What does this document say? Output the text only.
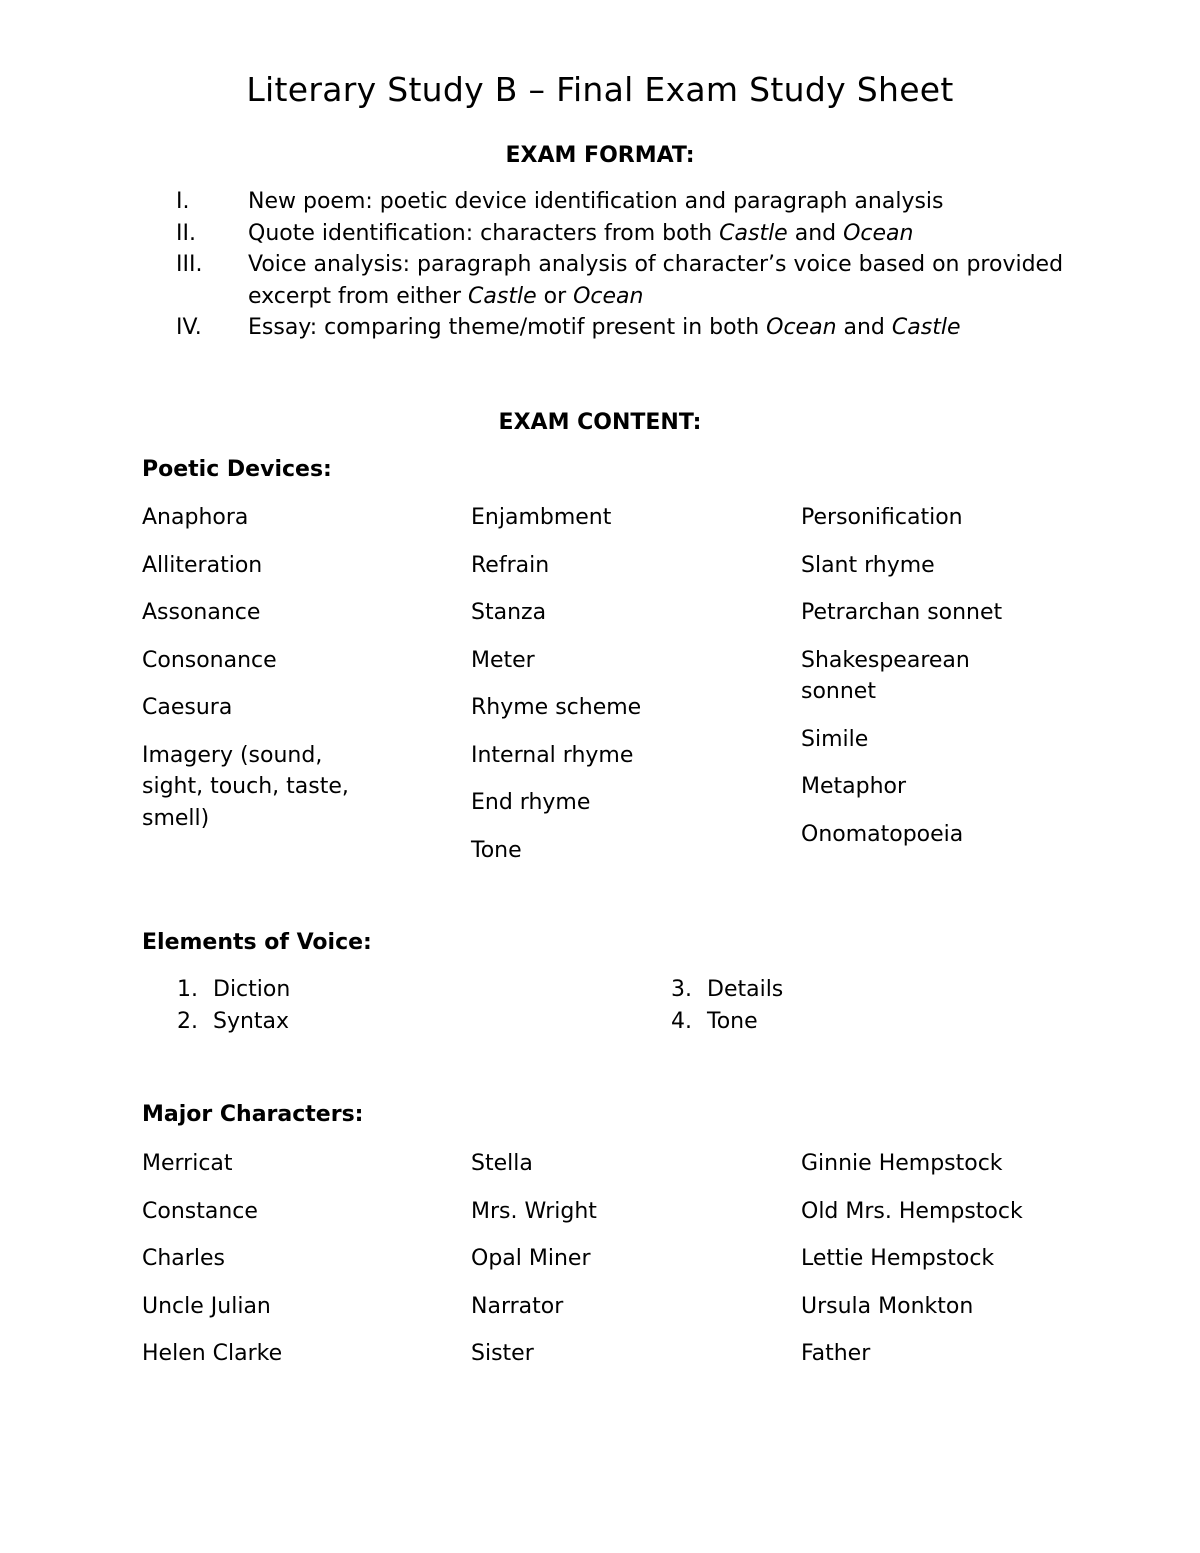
Literary Study B – Final Exam Study Sheet
EXAM FORMAT:
I.	New poem: poetic device identification and paragraph analysis
II. Quote identification: characters from both Castle and Ocean
III. Voice analysis: paragraph analysis of character’s voice based on provided excerpt from either Castle or Ocean
IV. Essay: comparing theme/motif present in both Ocean and Castle
EXAM CONTENT:
Poetic Devices:
Anaphora
Alliteration
Assonance
Consonance
Caesura
Imagery (sound, sight, touch, taste, smell)
Enjambment
Refrain
Stanza
Meter
Rhyme scheme
Internal rhyme
End rhyme
Tone
Personification
Slant rhyme
Petrarchan sonnet
Shakespearean sonnet
Simile
Metaphor
Onomatopoeia
Elements of Voice:
1. Diction
2. Syntax
3. Details
4. Tone
Major Characters:
Merricat
Constance
Charles
Uncle Julian
Helen Clarke
Stella
Mrs. Wright
Opal Miner
Narrator
Sister
Ginnie Hempstock
Old Mrs. Hempstock
Lettie Hempstock
Ursula Monkton
Father
